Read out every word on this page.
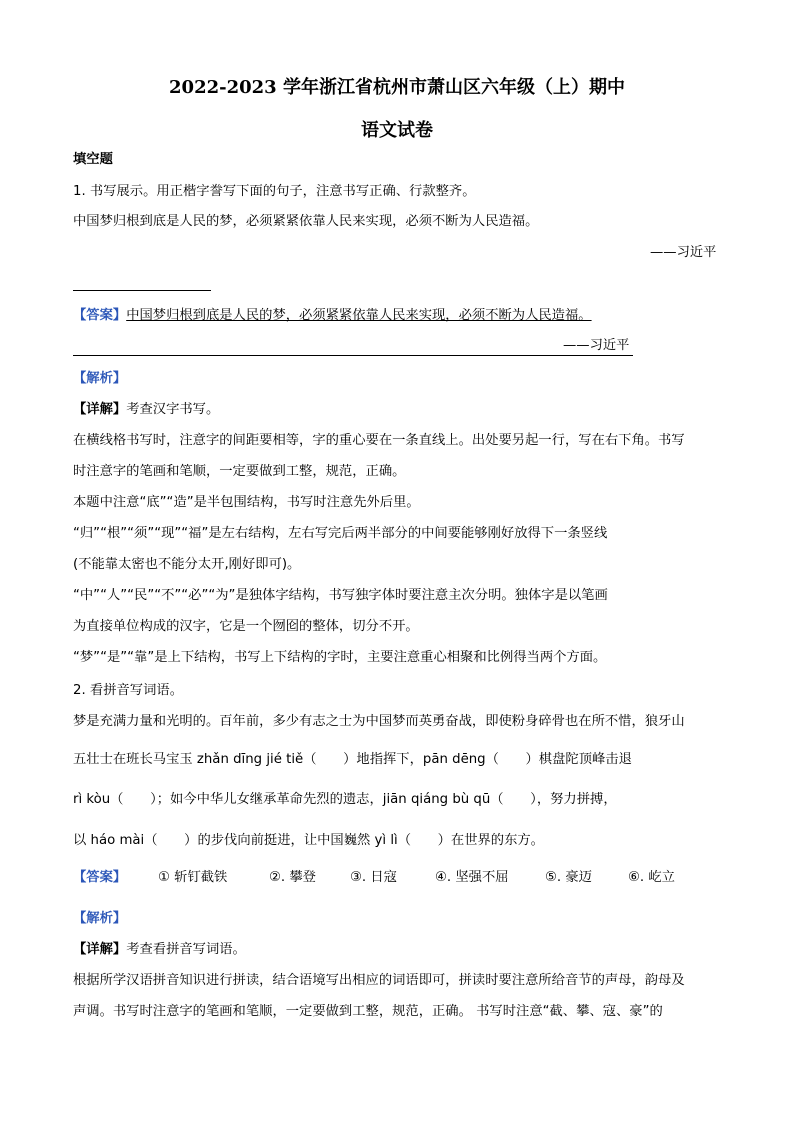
2022-2023 学年浙江省杭州市萧山区六年级（上）期中
语文试卷
填空题
1. 书写展示。用正楷字誊写下面的句子，注意书写正确、行款整齐。
中国梦归根到底是人民的梦，必须紧紧依靠人民来实现，必须不断为人民造福。
——习近平
【答案】中国梦归根到底是人民的梦，必须紧紧依靠人民来实现，必须不断为人民造福。
——习近平
【解析】
【详解】考查汉字书写。
在横线格书写时，注意字的间距要相等，字的重心要在一条直线上。出处要另起一行，写在右下角。书写
时注意字的笔画和笔顺，一定要做到工整，规范，正确。
本题中注意“底”“造”是半包围结构，书写时注意先外后里。
“归”“根”“须”“现”“福”是左右结构，左右写完后两半部分的中间要能够刚好放得下一条竖线
(不能靠太密也不能分太开,刚好即可)。
“中”“人”“民”“不”“必”“为”是独体字结构，书写独字体时要注意主次分明。独体字是以笔画
为直接单位构成的汉字，它是一个囫囵的整体，切分不开。
“梦”“是”“靠”是上下结构，书写上下结构的字时，主要注意重心相聚和比例得当两个方面。
2. 看拼音写词语。
梦是充满力量和光明的。百年前，多少有志之士为中国梦而英勇奋战，即使粉身碎骨也在所不惜，狼牙山
五壮士在班长马宝玉 zhǎn dīng jié tiě（　　）地指挥下，pān dēng（　　）棋盘陀顶峰击退
rì kòu（　　）；如今中华儿女继承革命先烈的遗志，jiān qiáng bù qū（　　），努力拼搏，
以 háo mài（　　）的步伐向前挺进，让中国巍然 yì lì（　　）在世界的东方。
【答案】 ① 斩钉截铁	②. 攀登	③. 日寇	④. 坚强不屈	⑤. 豪迈	⑥. 屹立
【解析】
【详解】考查看拼音写词语。
根据所学汉语拼音知识进行拼读，结合语境写出相应的词语即可，拼读时要注意所给音节的声母，韵母及
声调。书写时注意字的笔画和笔顺，一定要做到工整，规范，正确。 书写时注意“截、攀、寇、豪”的
